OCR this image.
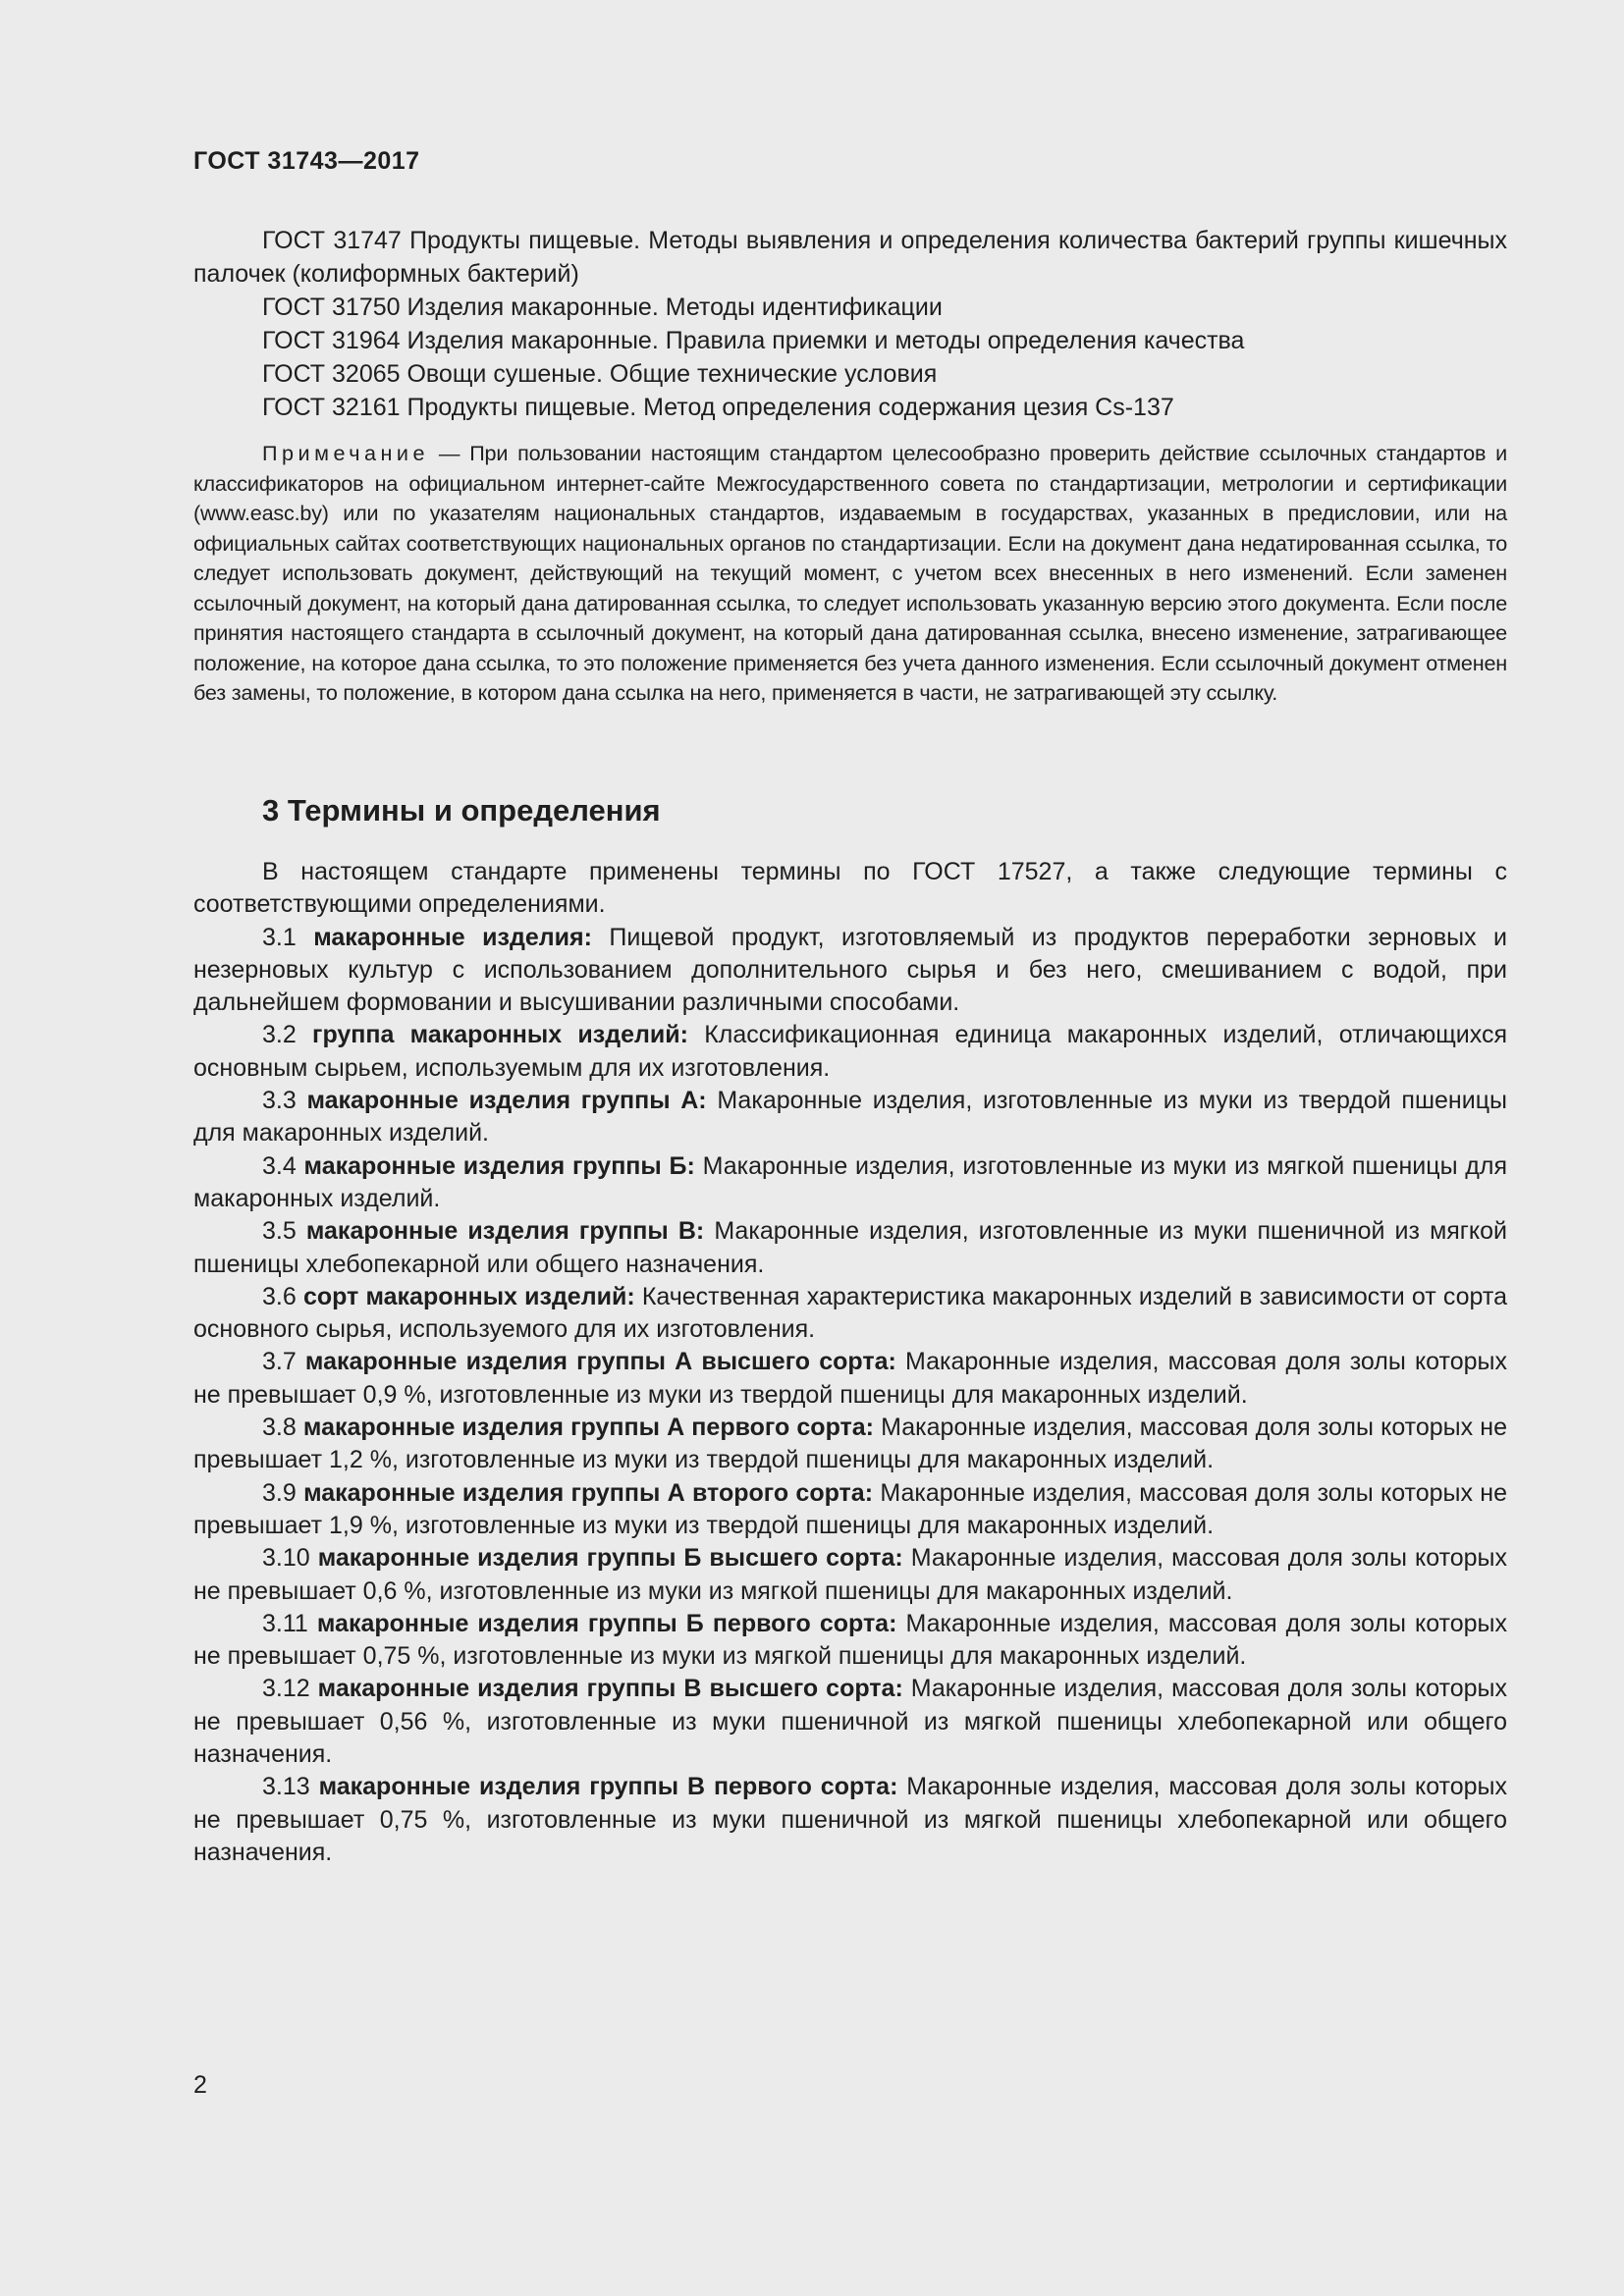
ГОСТ 31743—2017

ГОСТ 31747 Продукты пищевые. Методы выявления и определения количества бактерий группы кишечных палочек (колиформных бактерий)

ГОСТ 31750 Изделия макаронные. Методы идентификации

ГОСТ 31964 Изделия макаронные. Правила приемки и методы определения качества

ГОСТ 32065 Овощи сушеные. Общие технические условия

ГОСТ 32161 Продукты пищевые. Метод определения содержания цезия Cs-137

Примечание — При пользовании настоящим стандартом целесообразно проверить действие ссылочных стандартов и классификаторов на официальном интернет-сайте Межгосударственного совета по стандартизации, метрологии и сертификации (www.easc.by) или по указателям национальных стандартов, издаваемым в государствах, указанных в предисловии, или на официальных сайтах соответствующих национальных органов по стандартизации. Если на документ дана недатированная ссылка, то следует использовать документ, действующий на текущий момент, с учетом всех внесенных в него изменений. Если заменен ссылочный документ, на который дана датированная ссылка, то следует использовать указанную версию этого документа. Если после принятия настоящего стандарта в ссылочный документ, на который дана датированная ссылка, внесено изменение, затрагивающее положение, на которое дана ссылка, то это положение применяется без учета данного изменения. Если ссылочный документ отменен без замены, то положение, в котором дана ссылка на него, применяется в части, не затрагивающей эту ссылку.

3 Термины и определения

В настоящем стандарте применены термины по ГОСТ 17527, а также следующие термины с соответствующими определениями.

3.1 макаронные изделия: Пищевой продукт, изготовляемый из продуктов переработки зерновых и незерновых культур с использованием дополнительного сырья и без него, смешиванием с водой, при дальнейшем формовании и высушивании различными способами.

3.2 группа макаронных изделий: Классификационная единица макаронных изделий, отличающихся основным сырьем, используемым для их изготовления.

3.3 макаронные изделия группы А: Макаронные изделия, изготовленные из муки из твердой пшеницы для макаронных изделий.

3.4 макаронные изделия группы Б: Макаронные изделия, изготовленные из муки из мягкой пшеницы для макаронных изделий.

3.5 макаронные изделия группы В: Макаронные изделия, изготовленные из муки пшеничной из мягкой пшеницы хлебопекарной или общего назначения.

3.6 сорт макаронных изделий: Качественная характеристика макаронных изделий в зависимости от сорта основного сырья, используемого для их изготовления.

3.7 макаронные изделия группы А высшего сорта: Макаронные изделия, массовая доля золы которых не превышает 0,9 %, изготовленные из муки из твердой пшеницы для макаронных изделий.

3.8 макаронные изделия группы А первого сорта: Макаронные изделия, массовая доля золы которых не превышает 1,2 %, изготовленные из муки из твердой пшеницы для макаронных изделий.

3.9 макаронные изделия группы А второго сорта: Макаронные изделия, массовая доля золы которых не превышает 1,9 %, изготовленные из муки из твердой пшеницы для макаронных изделий.

3.10 макаронные изделия группы Б высшего сорта: Макаронные изделия, массовая доля золы которых не превышает 0,6 %, изготовленные из муки из мягкой пшеницы для макаронных изделий.

3.11 макаронные изделия группы Б первого сорта: Макаронные изделия, массовая доля золы которых не превышает 0,75 %, изготовленные из муки из мягкой пшеницы для макаронных изделий.

3.12 макаронные изделия группы В высшего сорта: Макаронные изделия, массовая доля золы которых не превышает 0,56 %, изготовленные из муки пшеничной из мягкой пшеницы хлебопекарной или общего назначения.

3.13 макаронные изделия группы В первого сорта: Макаронные изделия, массовая доля золы которых не превышает 0,75 %, изготовленные из муки пшеничной из мягкой пшеницы хлебопекарной или общего назначения.

2
